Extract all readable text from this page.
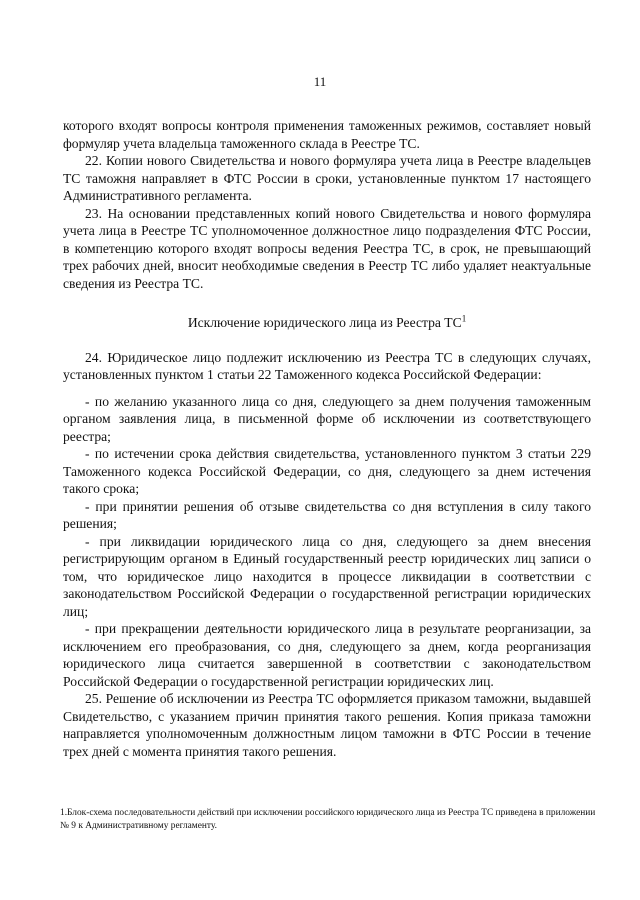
11

которого входят вопросы контроля применения таможенных режимов, составляет новый формуляр учета владельца таможенного склада в Реестре ТС.

22. Копии нового Свидетельства и нового формуляра учета лица в Реестре владельцев ТС таможня направляет в ФТС России в сроки, установленные пунктом 17 настоящего Административного регламента.

23. На основании представленных копий нового Свидетельства и нового формуляра учета лица в Реестре ТС уполномоченное должностное лицо подразделения ФТС России, в компетенцию которого входят вопросы ведения Реестра ТС, в срок, не превышающий трех рабочих дней, вносит необходимые сведения в Реестр ТС либо удаляет неактуальные сведения из Реестра ТС.

Исключение юридического лица из Реестра $ТС^1$

24. Юридическое лицо подлежит исключению из Реестра ТС в следующих случаях, установленных пунктом 1 статьи 22 Таможенного кодекса Российской Федерации:

- по желанию указанного лица со дня, следующего за днем получения таможенным органом заявления лица, в письменной форме об исключении из соответствующего реестра;

- по истечении срока действия свидетельства, установленного пунктом 3 статьи 229 Таможенного кодекса Российской Федерации, со дня, следующего за днем истечения такого срока;

- при принятии решения об отзыве свидетельства со дня вступления в силу такого решения;

- при ликвидации юридического лица со дня, следующего за днем внесения регистрирующим органом в Единый государственный реестр юридических лиц записи о том, что юридическое лицо находится в процессе ликвидации в соответствии с законодательством Российской Федерации о государственной регистрации юридических лиц;

- при прекращении деятельности юридического лица в результате реорганизации, за исключением его преобразования, со дня, следующего за днем, когда реорганизация юридического лица считается завершенной в соответствии с законодательством Российской Федерации о государственной регистрации юридических лиц.

25. Решение об исключении из Реестра ТС оформляется приказом таможни, выдавшей Свидетельство, с указанием причин принятия такого решения. Копия приказа таможни направляется уполномоченным должностным лицом таможни в ФТС России в течение трех дней с момента принятия такого решения.

1.Блок-схема последовательности действий при исключении российского юридического лица из Реестра ТС приведена в приложении № 9 к Административному регламенту.
